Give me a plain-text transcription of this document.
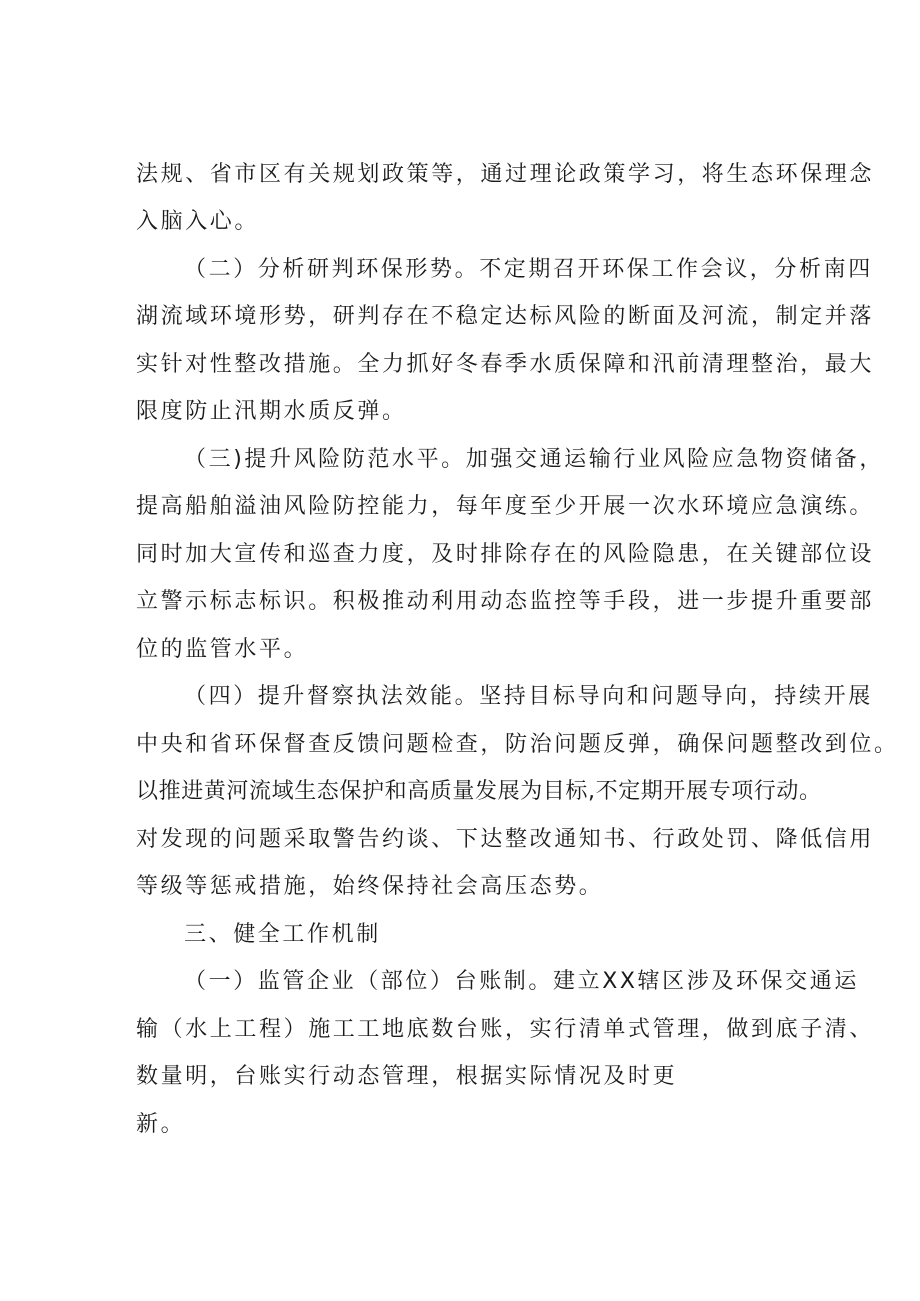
法规、省市区有关规划政策等，通过理论政策学习，将生态环保理念
入脑入心。
（二）分析研判环保形势。不定期召开环保工作会议，分析南四
湖流域环境形势，研判存在不稳定达标风险的断面及河流，制定并落
实针对性整改措施。全力抓好冬春季水质保障和汛前清理整治，最大
限度防止汛期水质反弹。
（三)提升风险防范水平。加强交通运输行业风险应急物资储备，
提高船舶溢油风险防控能力，每年度至少开展一次水环境应急演练。
同时加大宣传和巡查力度，及时排除存在的风险隐患，在关键部位设
立警示标志标识。积极推动利用动态监控等手段，进一步提升重要部
位的监管水平。
（四）提升督察执法效能。坚持目标导向和问题导向，持续开展
中央和省环保督查反馈问题检查，防治问题反弹，确保问题整改到位。
以推进黄河流域生态保护和高质量发展为目标,不定期开展专项行动。
对发现的问题采取警告约谈、下达整改通知书、行政处罚、降低信用
等级等惩戒措施，始终保持社会高压态势。
三、健全工作机制
（一）监管企业（部位）台账制。建立XX辖区涉及环保交通运
输（水上工程）施工工地底数台账，实行清单式管理，做到底子清、
数量明，台账实行动态管理，根据实际情况及时更
新。
